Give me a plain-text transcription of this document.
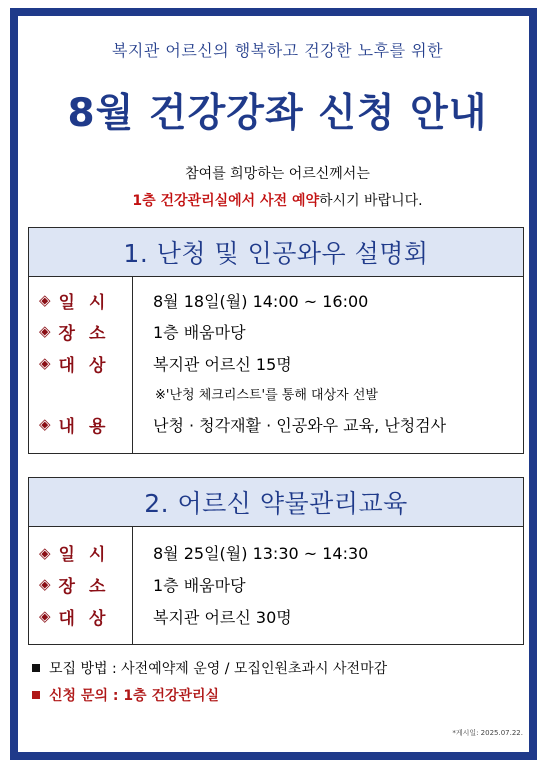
복지관 어르신의 행복하고 건강한 노후를 위한
8월 건강강좌 신청 안내
참여를 희망하는 어르신께서는
1층 건강관리실에서 사전 예약하시기 바랍니다.
1. 난청 및 인공와우 설명회
◈ 일시
◈ 장소
◈ 대상
◈ 내용
8월 18일(월) 14:00 ~ 16:00
1층 배움마당
복지관 어르신 15명
※'난청 체크리스트'를 통해 대상자 선발
난청 · 청각재활 · 인공와우 교육, 난청검사
2. 어르신 약물관리교육
◈ 일시
◈ 장소
◈ 대상
8월 25일(월) 13:30 ~ 14:30
1층 배움마당
복지관 어르신 30명
모집 방법 : 사전예약제 운영 / 모집인원초과시 사전마감
신청 문의 : 1층 건강관리실
*게시일: 2025.07.22.
